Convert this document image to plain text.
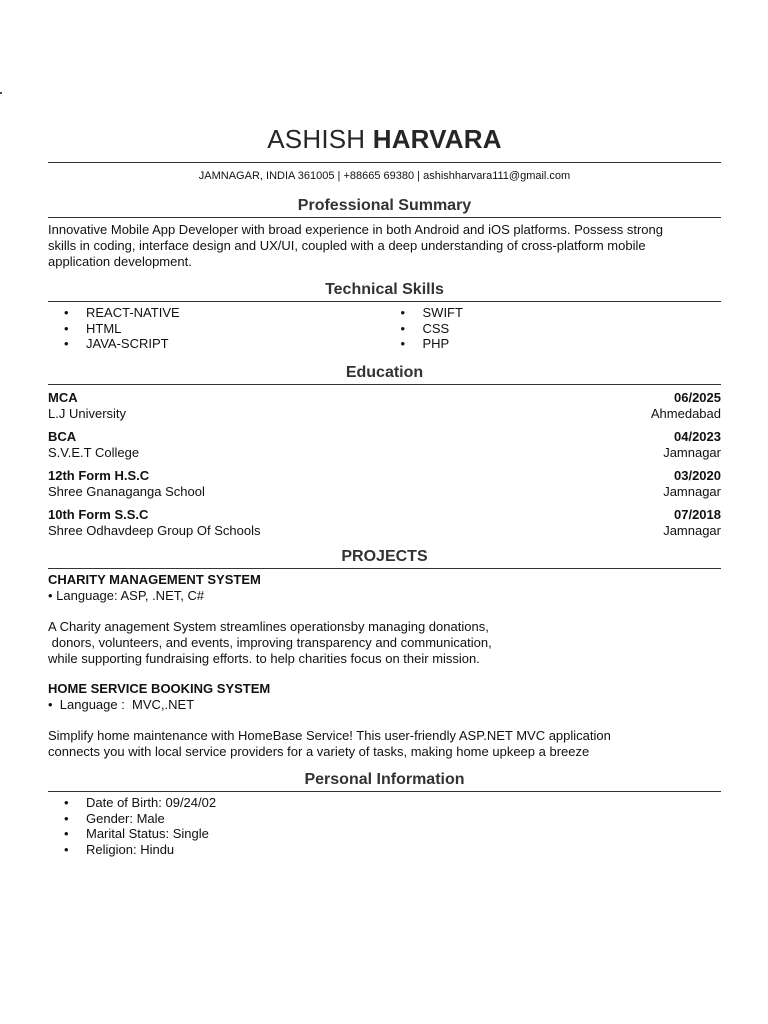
ASHISH HARVARA
JAMNAGAR, INDIA 361005 | +88665 69380 | ashishharvara111@gmail.com
Professional Summary

Innovative Mobile App Developer with broad experience in both Android and iOS platforms. Possess strong

skills in coding, interface design and UX/UI, coupled with a deep understanding of cross-platform mobile

application development.

Technical Skills
• REACT-NATIVE
• HTML
• JAVA-SCRIPT
• SWIFT
• CSS
• PHP
Education
MCA	06/2025
L.J University	Ahmedabad
BCA	04/2023
S.V.E.T College	Jamnagar
12th Form H.S.C	03/2020
Shree Gnanaganga School	Jamnagar
10th Form S.S.C	07/2018
Shree Odhavdeep Group Of Schools	Jamnagar
PROJECTS
CHARITY MANAGEMENT SYSTEM
• Language: ASP, .NET, C#
A Charity anagement System streamlines operationsby managing donations,
donors, volunteers, and events, improving transparency and communication,
while supporting fundraising efforts. to help charities focus on their mission.
HOME SERVICE BOOKING SYSTEM
•  Language :  MVC,.NET
Simplify home maintenance with HomeBase Service! This user-friendly ASP.NET MVC application
connects you with local service providers for a variety of tasks, making home upkeep a breeze
Personal Information
• Date of Birth: 09/24/02
• Gender: Male
• Marital Status: Single
• Religion: Hindu
